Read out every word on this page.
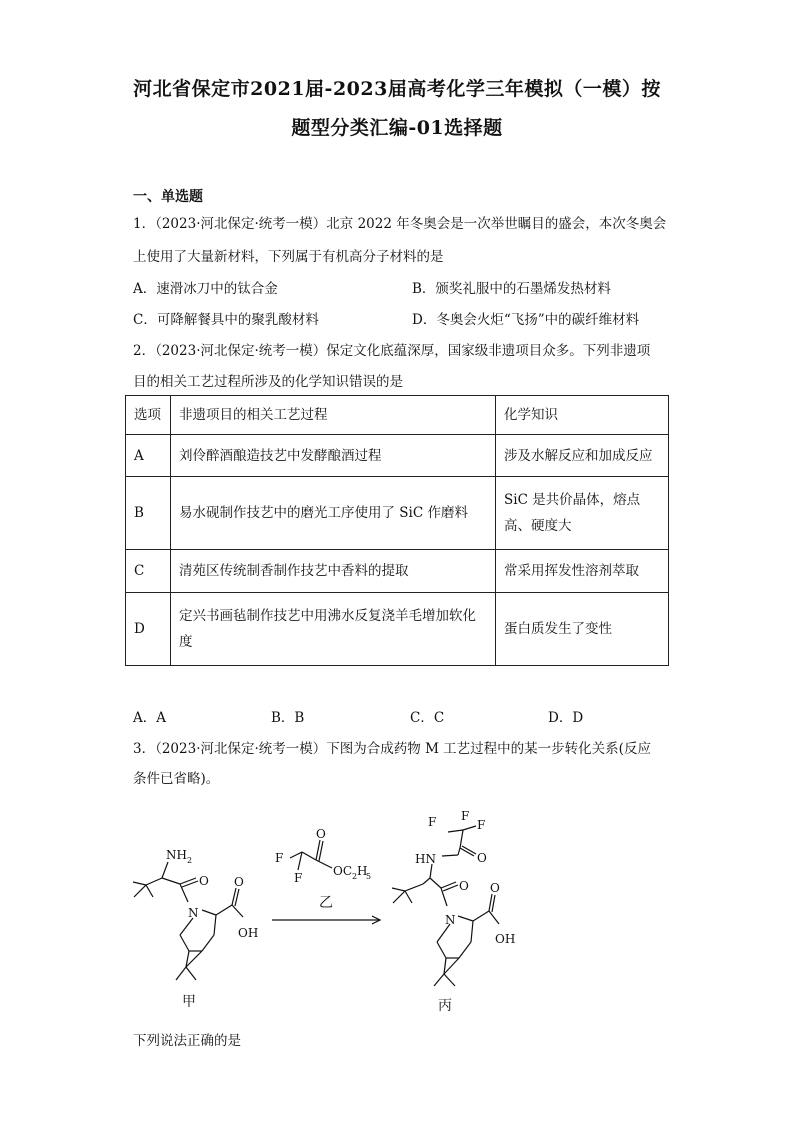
河北省保定市2021届-2023届高考化学三年模拟（一模）按
题型分类汇编-01选择题
一、单选题
1．（2023·河北保定·统考一模）北京 2022 年冬奥会是一次举世瞩目的盛会，本次冬奥会
上使用了大量新材料，下列属于有机高分子材料的是
A．速滑冰刀中的钛合金	B．颁奖礼服中的石墨烯发热材料
C．可降解餐具中的聚乳酸材料	D．冬奥会火炬“飞扬”中的碳纤维材料
2．（2023·河北保定·统考一模）保定文化底蕴深厚，国家级非遗项目众多。下列非遗项
目的相关工艺过程所涉及的化学知识错误的是
选项	非遗项目的相关工艺过程	化学知识
A	刘伶醉酒酿造技艺中发酵酿酒过程	涉及水解反应和加成反应
B	易水砚制作技艺中的磨光工序使用了 SiC 作磨料	SiC 是共价晶体，熔点高、硬度大
C	清苑区传统制香制作技艺中香料的提取	常采用挥发性溶剂萃取
D	定兴书画毡制作技艺中用沸水反复浇羊毛增加软化度	蛋白质发生了变性
A．A	B．B	C．C	D．D
3．（2023·河北保定·统考一模）下图为合成药物 M 工艺过程中的某一步转化关系(反应
条件已省略)。
NH 2
O
N
O
OH
甲
F
F
O
OC 2 H
5
乙
F F
F
HN	O
O
N
O
OH
丙
下列说法正确的是
